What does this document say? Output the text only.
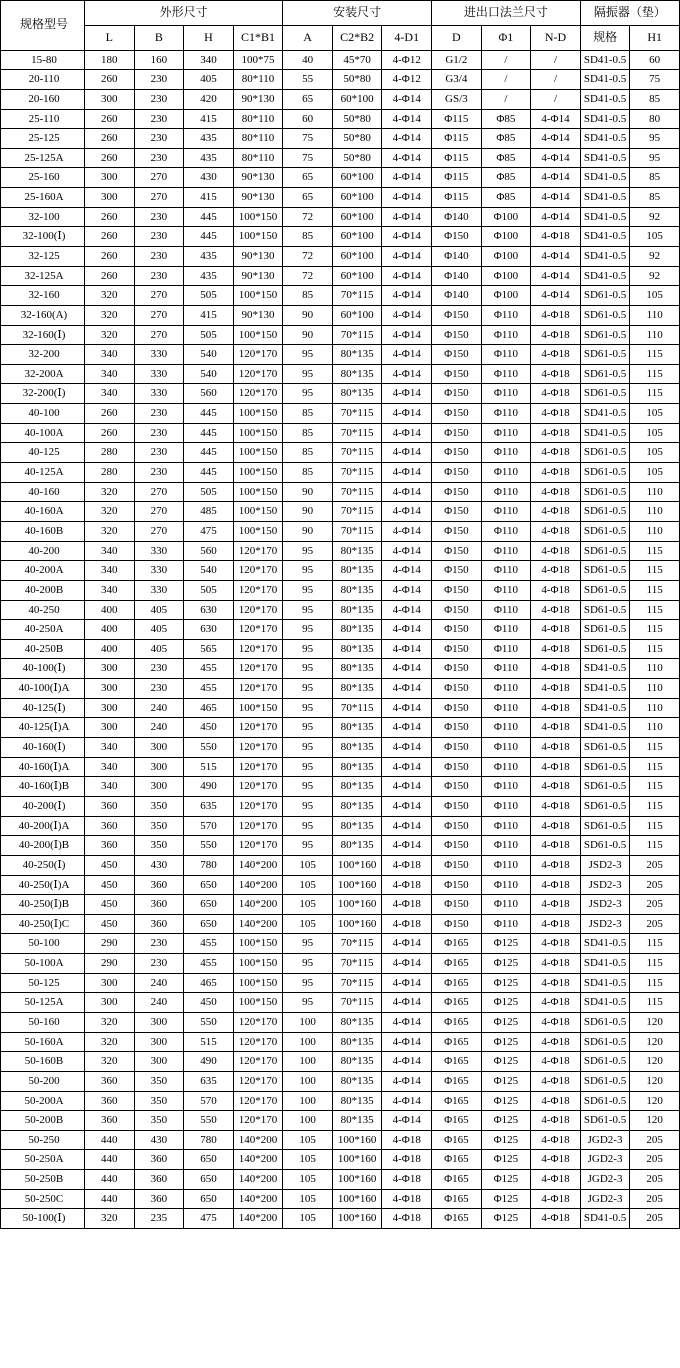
规格型号	外形尺寸				安装尺寸			进出口法兰尺寸			隔振器（垫）	
	L	B	H	C1*B1	A	C2*B2	4-D1	D	Φ1	N-D	规格	H1
15-80	180	160	340	100*75	40	45*70	4-Φ12	G1/2	/	/	SD41-0.5	60
20-110	260	230	405	80*110	55	50*80	4-Φ12	G3/4	/	/	SD41-0.5	75
20-160	300	230	420	90*130	65	60*100	4-Φ14	GS/3	/	/	SD41-0.5	85
25-110	260	230	415	80*110	60	50*80	4-Φ14	Φ115	Φ85	4-Φ14	SD41-0.5	80
25-125	260	230	435	80*110	75	50*80	4-Φ14	Φ115	Φ85	4-Φ14	SD41-0.5	95
25-125A	260	230	435	80*110	75	50*80	4-Φ14	Φ115	Φ85	4-Φ14	SD41-0.5	95
25-160	300	270	430	90*130	65	60*100	4-Φ14	Φ115	Φ85	4-Φ14	SD41-0.5	85
25-160A	300	270	415	90*130	65	60*100	4-Φ14	Φ115	Φ85	4-Φ14	SD41-0.5	85
32-100	260	230	445	100*150	72	60*100	4-Φ14	Φ140	Φ100	4-Φ14	SD41-0.5	92
32-100(Ⅰ)	260	230	445	100*150	85	60*100	4-Φ14	Φ150	Φ100	4-Φ18	SD41-0.5	105
32-125	260	230	435	90*130	72	60*100	4-Φ14	Φ140	Φ100	4-Φ14	SD41-0.5	92
32-125A	260	230	435	90*130	72	60*100	4-Φ14	Φ140	Φ100	4-Φ14	SD41-0.5	92
32-160	320	270	505	100*150	85	70*115	4-Φ14	Φ140	Φ100	4-Φ14	SD61-0.5	105
32-160(A)	320	270	415	90*130	90	60*100	4-Φ14	Φ150	Φ110	4-Φ18	SD61-0.5	110
32-160(Ⅰ)	320	270	505	100*150	90	70*115	4-Φ14	Φ150	Φ110	4-Φ18	SD61-0.5	110
32-200	340	330	540	120*170	95	80*135	4-Φ14	Φ150	Φ110	4-Φ18	SD61-0.5	115
32-200A	340	330	540	120*170	95	80*135	4-Φ14	Φ150	Φ110	4-Φ18	SD61-0.5	115
32-200(Ⅰ)	340	330	560	120*170	95	80*135	4-Φ14	Φ150	Φ110	4-Φ18	SD61-0.5	115
40-100	260	230	445	100*150	85	70*115	4-Φ14	Φ150	Φ110	4-Φ18	SD41-0.5	105
40-100A	260	230	445	100*150	85	70*115	4-Φ14	Φ150	Φ110	4-Φ18	SD41-0.5	105
40-125	280	230	445	100*150	85	70*115	4-Φ14	Φ150	Φ110	4-Φ18	SD61-0.5	105
40-125A	280	230	445	100*150	85	70*115	4-Φ14	Φ150	Φ110	4-Φ18	SD61-0.5	105
40-160	320	270	505	100*150	90	70*115	4-Φ14	Φ150	Φ110	4-Φ18	SD61-0.5	110
40-160A	320	270	485	100*150	90	70*115	4-Φ14	Φ150	Φ110	4-Φ18	SD61-0.5	110
40-160B	320	270	475	100*150	90	70*115	4-Φ14	Φ150	Φ110	4-Φ18	SD61-0.5	110
40-200	340	330	560	120*170	95	80*135	4-Φ14	Φ150	Φ110	4-Φ18	SD61-0.5	115
40-200A	340	330	540	120*170	95	80*135	4-Φ14	Φ150	Φ110	4-Φ18	SD61-0.5	115
40-200B	340	330	505	120*170	95	80*135	4-Φ14	Φ150	Φ110	4-Φ18	SD61-0.5	115
40-250	400	405	630	120*170	95	80*135	4-Φ14	Φ150	Φ110	4-Φ18	SD61-0.5	115
40-250A	400	405	630	120*170	95	80*135	4-Φ14	Φ150	Φ110	4-Φ18	SD61-0.5	115
40-250B	400	405	565	120*170	95	80*135	4-Φ14	Φ150	Φ110	4-Φ18	SD61-0.5	115
40-100(Ⅰ)	300	230	455	120*170	95	80*135	4-Φ14	Φ150	Φ110	4-Φ18	SD41-0.5	110
40-100(Ⅰ)A	300	230	455	120*170	95	80*135	4-Φ14	Φ150	Φ110	4-Φ18	SD41-0.5	110
40-125(Ⅰ)	300	240	465	100*150	95	70*115	4-Φ14	Φ150	Φ110	4-Φ18	SD41-0.5	110
40-125(Ⅰ)A	300	240	450	120*170	95	80*135	4-Φ14	Φ150	Φ110	4-Φ18	SD41-0.5	110
40-160(Ⅰ)	340	300	550	120*170	95	80*135	4-Φ14	Φ150	Φ110	4-Φ18	SD61-0.5	115
40-160(Ⅰ)A	340	300	515	120*170	95	80*135	4-Φ14	Φ150	Φ110	4-Φ18	SD61-0.5	115
40-160(Ⅰ)B	340	300	490	120*170	95	80*135	4-Φ14	Φ150	Φ110	4-Φ18	SD61-0.5	115
40-200(Ⅰ)	360	350	635	120*170	95	80*135	4-Φ14	Φ150	Φ110	4-Φ18	SD61-0.5	115
40-200(Ⅰ)A	360	350	570	120*170	95	80*135	4-Φ14	Φ150	Φ110	4-Φ18	SD61-0.5	115
40-200(Ⅰ)B	360	350	550	120*170	95	80*135	4-Φ14	Φ150	Φ110	4-Φ18	SD61-0.5	115
40-250(Ⅰ)	450	430	780	140*200	105	100*160	4-Φ18	Φ150	Φ110	4-Φ18	JSD2-3	205
40-250(Ⅰ)A	450	360	650	140*200	105	100*160	4-Φ18	Φ150	Φ110	4-Φ18	JSD2-3	205
40-250(Ⅰ)B	450	360	650	140*200	105	100*160	4-Φ18	Φ150	Φ110	4-Φ18	JSD2-3	205
40-250(Ⅰ)C	450	360	650	140*200	105	100*160	4-Φ18	Φ150	Φ110	4-Φ18	JSD2-3	205
50-100	290	230	455	100*150	95	70*115	4-Φ14	Φ165	Φ125	4-Φ18	SD41-0.5	115
50-100A	290	230	455	100*150	95	70*115	4-Φ14	Φ165	Φ125	4-Φ18	SD41-0.5	115
50-125	300	240	465	100*150	95	70*115	4-Φ14	Φ165	Φ125	4-Φ18	SD41-0.5	115
50-125A	300	240	450	100*150	95	70*115	4-Φ14	Φ165	Φ125	4-Φ18	SD41-0.5	115
50-160	320	300	550	120*170	100	80*135	4-Φ14	Φ165	Φ125	4-Φ18	SD61-0.5	120
50-160A	320	300	515	120*170	100	80*135	4-Φ14	Φ165	Φ125	4-Φ18	SD61-0.5	120
50-160B	320	300	490	120*170	100	80*135	4-Φ14	Φ165	Φ125	4-Φ18	SD61-0.5	120
50-200	360	350	635	120*170	100	80*135	4-Φ14	Φ165	Φ125	4-Φ18	SD61-0.5	120
50-200A	360	350	570	120*170	100	80*135	4-Φ14	Φ165	Φ125	4-Φ18	SD61-0.5	120
50-200B	360	350	550	120*170	100	80*135	4-Φ14	Φ165	Φ125	4-Φ18	SD61-0.5	120
50-250	440	430	780	140*200	105	100*160	4-Φ18	Φ165	Φ125	4-Φ18	JGD2-3	205
50-250A	440	360	650	140*200	105	100*160	4-Φ18	Φ165	Φ125	4-Φ18	JGD2-3	205
50-250B	440	360	650	140*200	105	100*160	4-Φ18	Φ165	Φ125	4-Φ18	JGD2-3	205
50-250C	440	360	650	140*200	105	100*160	4-Φ18	Φ165	Φ125	4-Φ18	JGD2-3	205
50-100(Ⅰ)	320	235	475	140*200	105	100*160	4-Φ18	Φ165	Φ125	4-Φ18	SD41-0.5	205
